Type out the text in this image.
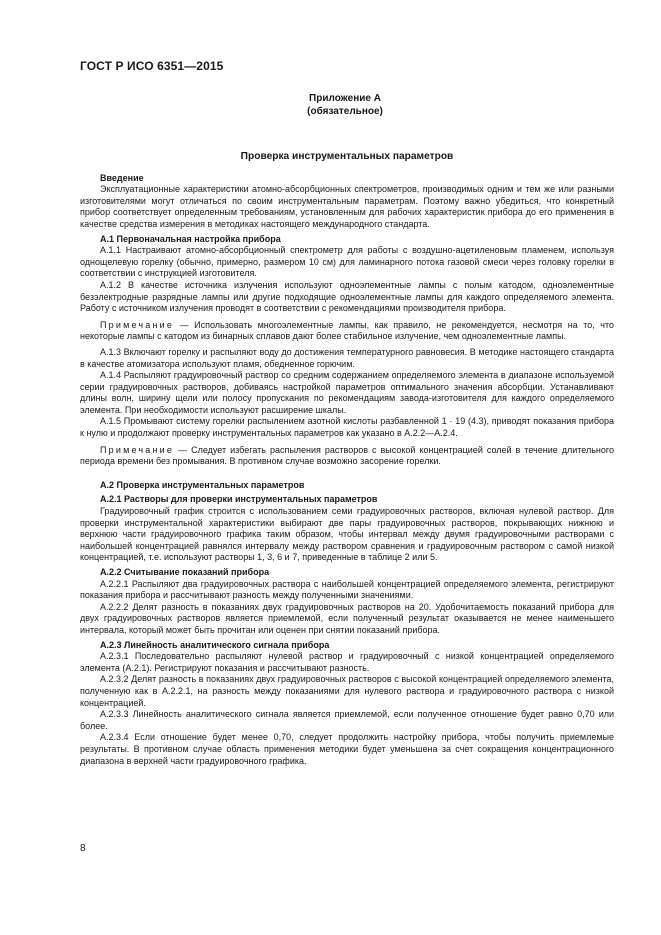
ГОСТ Р ИСО 6351—2015
Приложение А
(обязательное)

Проверка инструментальных параметров

Введение

Эксплуатационные характеристики атомно-абсорбционных спектрометров, производимых одним и тем же или разными изготовителями могут отличаться по своим инструментальным параметрам. Поэтому важно убедиться, что конкретный прибор соответствует определенным требованиям, установленным для рабочих характеристик прибора до его применения в качестве средства измерения в методиках настоящего международного стандарта.

А.1 Первоначальная настройка прибора

А.1.1 Настраивают атомно-абсорбционный спектрометр для работы с воздушно-ацетиленовым пламенем, используя однощелевую горелку (обычно, примерно, размером 10 см) для ламинарного потока газовой смеси через головку горелки в соответствии с инструкцией изготовителя.

А.1.2 В качестве источника излучения используют одноэлементные лампы с полым катодом, одноэлементные безэлектродные разрядные лампы или другие подходящие одноэлементные лампы для каждого определяемого элемента. Работу с источником излучения проводят в соответствии с рекомендациями производителя прибора.

Примечание — Использовать многоэлементные лампы, как правило, не рекомендуется, несмотря на то, что некоторые лампы с катодом из бинарных сплавов дают более стабильное излучение, чем одноэлементные лампы.

А.1.3 Включают горелку и распыляют воду до достижения температурного равновесия. В методике настоящего стандарта в качестве атомизатора используют пламя, обедненное горючим.

А.1.4 Распыляют градуировочный раствор со средним содержанием определяемого элемента в диапазоне используемой серии градуировочных растворов, добиваясь настройкой параметров оптимального значения абсорбции. Устанавливают длины волн, ширину щели или полосу пропускания по рекомендациям завода-изготовителя для каждого определяемого элемента. При необходимости используют расширение шкалы.

А.1.5 Промывают систему горелки распылением азотной кислоты разбавленной 1 · 19 (4.3), приводят показания прибора к нулю и продолжают проверку инструментальных параметров как указано в А.2.2—А.2.4.

Примечание — Следует избегать распыления растворов с высокой концентрацией солей в течение длительного периода времени без промывания. В противном случае возможно засорение горелки.

А.2 Проверка инструментальных параметров

А.2.1 Растворы для проверки инструментальных параметров

Градуировочный график строится с использованием семи градуировочных растворов, включая нулевой раствор. Для проверки инструментальной характеристики выбирают две пары градуировочных растворов, покрывающих нижнюю и верхнюю части градуировочного графика таким образом, чтобы интервал между двумя градуировочными растворами с наибольшей концентрацией равнялся интервалу между раствором сравнения и градуировочным раствором с самой низкой концентрацией, т.е. используют растворы 1, 3, 6 и 7, приведенные в таблице 2 или 5.

А.2.2 Считывание показаний прибора

А.2.2.1 Распыляют два градуировочных раствора с наибольшей концентрацией определяемого элемента, регистрируют показания прибора и рассчитывают разность между полученными значениями.

А.2.2.2 Делят разность в показаниях двух градуировочных растворов на 20. Удобочитаемость показаний прибора для двух градуировочных растворов является приемлемой, если полученный результат оказывается не менее наименьшего интервала, который может быть прочитан или оценен при снятии показаний прибора.

А.2.3 Линейность аналитического сигнала прибора

А.2.3.1 Последовательно распыляют нулевой раствор и градуировочный с низкой концентрацией определяемого элемента (А.2.1). Регистрируют показания и рассчитывают разность.

А.2.3.2 Делят разность в показаниях двух градуировочных растворов с высокой концентрацией определяемого элемента, полученную как в А.2.2.1, на разность между показаниями для нулевого раствора и градуировочного раствора с низкой концентрацией.

А.2.3.3 Линейность аналитического сигнала является приемлемой, если полученное отношение будет равно 0,70 или более.

А.2.3.4 Если отношение будет менее 0,70, следует продолжить настройку прибора, чтобы получить приемлемые результаты. В противном случае область применения методики будет уменьшена за счет сокращения концентрационного диапазона в верхней части градуировочного графика.

8
